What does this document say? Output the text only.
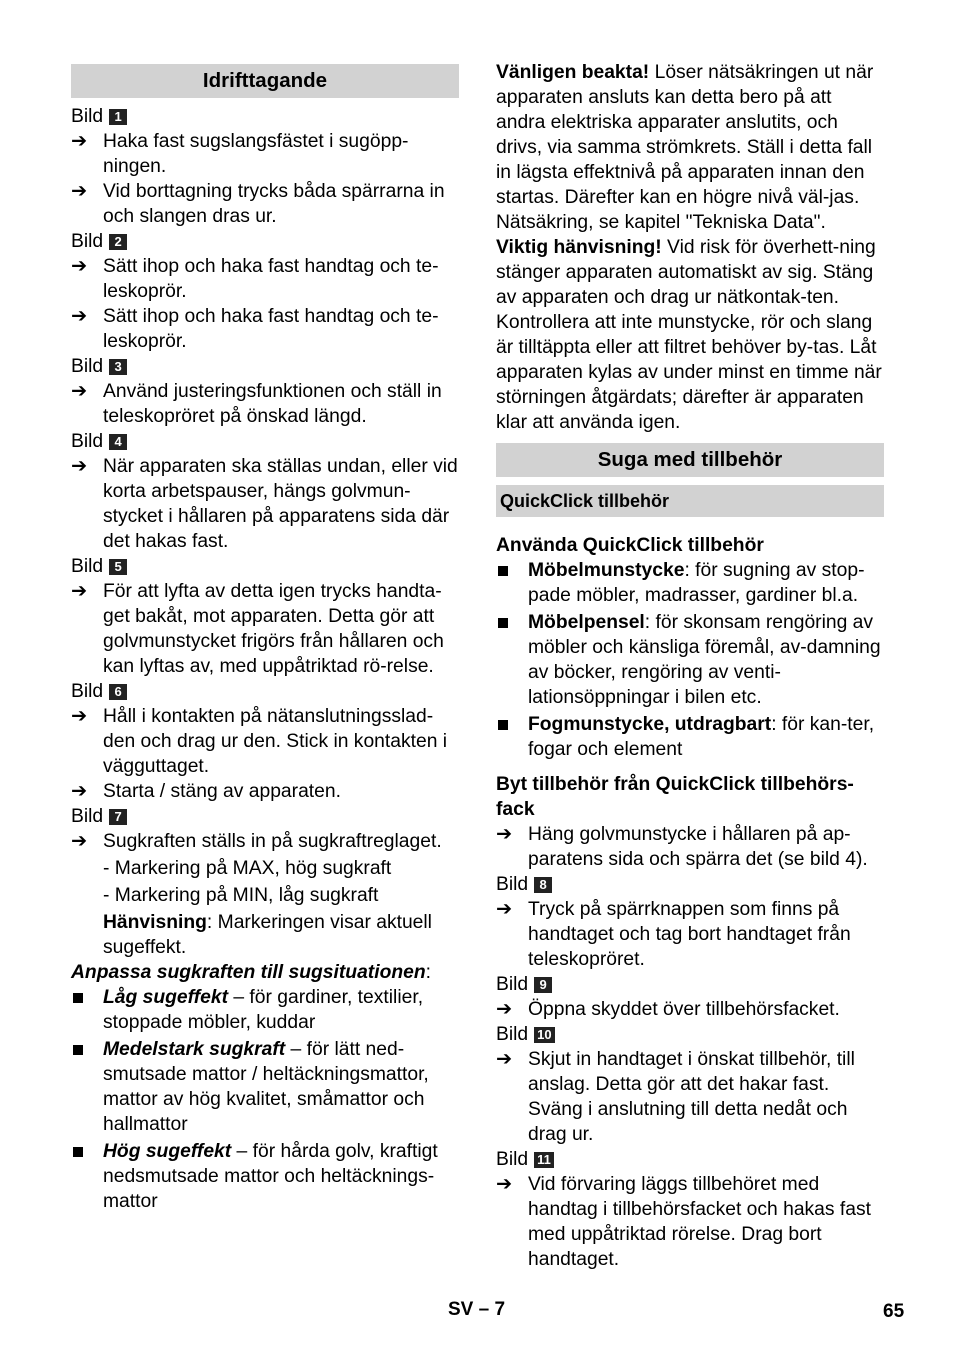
Idrifttagande
Bild 1
➔ Haka fast sugslangsfästet i sugöpp-ningen.
➔ Vid borttagning trycks båda spärrarna in och slangen dras ur.
Bild 2
➔ Sätt ihop och haka fast handtag och te-leskoprör.
➔ Sätt ihop och haka fast handtag och te-leskoprör.
Bild 3
➔ Använd justeringsfunktionen och ställ in teleskopröret på önskad längd.
Bild 4
➔ När apparaten ska ställas undan, eller vid korta arbetspauser, hängs golvmun-stycket i hållaren på apparatens sida där det hakas fast.
Bild 5
➔ För att lyfta av detta igen trycks handta-get bakåt, mot apparaten. Detta gör att golvmunstycket frigörs från hållaren och kan lyftas av, med uppåtriktad rö-relse.
Bild 6
➔ Håll i kontakten på nätanslutningsslad-den och drag ur den. Stick in kontakten i vägguttaget.
➔ Starta / stäng av apparaten.
Bild 7
➔ Sugkraften ställs in på sugkraftreglaget.
- Markering på MAX, hög sugkraft
- Markering på MIN, låg sugkraft
Hänvisning: Markeringen visar aktuell sugeffekt.
Anpassa sugkraften till sugsituationen:
Låg sugeffekt – för gardiner, textilier, stoppade möbler, kuddar
Medelstark sugkraft – för lätt ned-smutsade mattor / heltäckningsmattor, mattor av hög kvalitet, småmattor och hallmattor
Hög sugeffekt – för hårda golv, kraftigt nedsmutsade mattor och heltäcknings-mattor
Vänligen beakta! Löser nätsäkringen ut när apparaten ansluts kan detta bero på att andra elektriska apparater anslutits, och drivs, via samma strömkrets. Ställ i detta fall in lägsta effektnivå på apparaten innan den startas. Därefter kan en högre nivå väl-jas. Nätsäkring, se kapitel "Tekniska Data".
Viktig hänvisning! Vid risk för överhett-ning stänger apparaten automatiskt av sig. Stäng av apparaten och drag ur nätkontak-ten. Kontrollera att inte munstycke, rör och slang är tilltäppta eller att filtret behöver by-tas. Låt apparaten kylas av under minst en timme när störningen åtgärdats; därefter är apparaten klar att använda igen.
Suga med tillbehör
QuickClick tillbehör
Använda QuickClick tillbehör
Möbelmunstycke: för sugning av stop-pade möbler, madrasser, gardiner bl.a.
Möbelpensel: för skonsam rengöring av möbler och känsliga föremål, av-damning av böcker, rengöring av venti-lationsöppningar i bilen etc.
Fogmunstycke, utdragbart: för kan-ter, fogar och element
Byt tillbehör från QuickClick tillbehörs-fack
➔ Häng golvmunstycke i hållaren på ap-paratens sida och spärra det (se bild 4).
Bild 8
➔ Tryck på spärrknappen som finns på handtaget och tag bort handtaget från teleskopröret.
Bild 9
➔ Öppna skyddet över tillbehörsfacket.
Bild 10
➔ Skjut in handtaget i önskat tillbehör, till anslag. Detta gör att det hakar fast. Sväng i anslutning till detta nedåt och drag ur.
Bild 11
➔ Vid förvaring läggs tillbehöret med handtag i tillbehörsfacket och hakas fast med uppåtriktad rörelse. Drag bort handtaget.
SV – 7	65
